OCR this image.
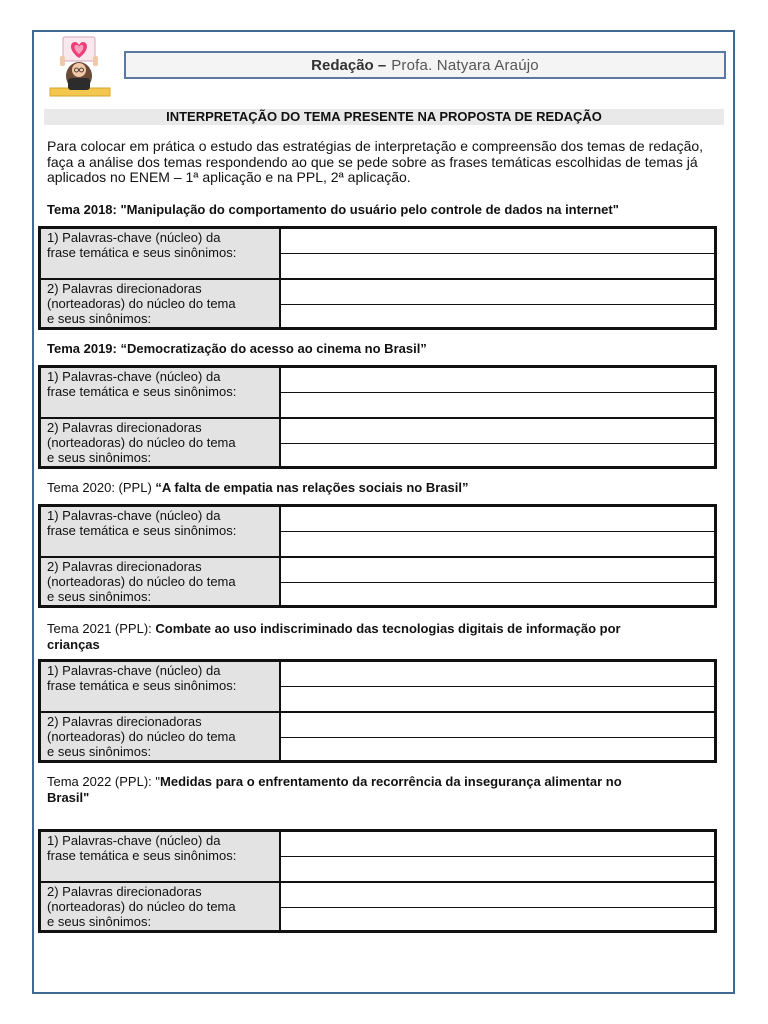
Redação – Profa. Natyara Araújo
INTERPRETAÇÃO DO TEMA PRESENTE NA PROPOSTA DE REDAÇÃO
Para colocar em prática o estudo das estratégias de interpretação e compreensão dos temas de redação,
faça a análise dos temas respondendo ao que se pede sobre as frases temáticas escolhidas de temas já
aplicados no ENEM – 1ª aplicação e na PPL, 2ª aplicação.
Tema 2018: "Manipulação do comportamento do usuário pelo controle de dados na internet"
1) Palavras-chave (núcleo) da
frase temática e seus sinônimos:	

2) Palavras direcionadoras
(norteadoras) do núcleo do tema
e seus sinônimos:	

Tema 2019: “Democratização do acesso ao cinema no Brasil”
1) Palavras-chave (núcleo) da
frase temática e seus sinônimos:	

2) Palavras direcionadoras
(norteadoras) do núcleo do tema
e seus sinônimos:	

Tema 2020: (PPL) “A falta de empatia nas relações sociais no Brasil”
1) Palavras-chave (núcleo) da
frase temática e seus sinônimos:	

2) Palavras direcionadoras
(norteadoras) do núcleo do tema
e seus sinônimos:	

Tema 2021 (PPL): Combate ao uso indiscriminado das tecnologias digitais de informação por
crianças
1) Palavras-chave (núcleo) da
frase temática e seus sinônimos:	

2) Palavras direcionadoras
(norteadoras) do núcleo do tema
e seus sinônimos:	

Tema 2022 (PPL): "Medidas para o enfrentamento da recorrência da insegurança alimentar no
Brasil"
1) Palavras-chave (núcleo) da
frase temática e seus sinônimos:	

2) Palavras direcionadoras
(norteadoras) do núcleo do tema
e seus sinônimos:	
